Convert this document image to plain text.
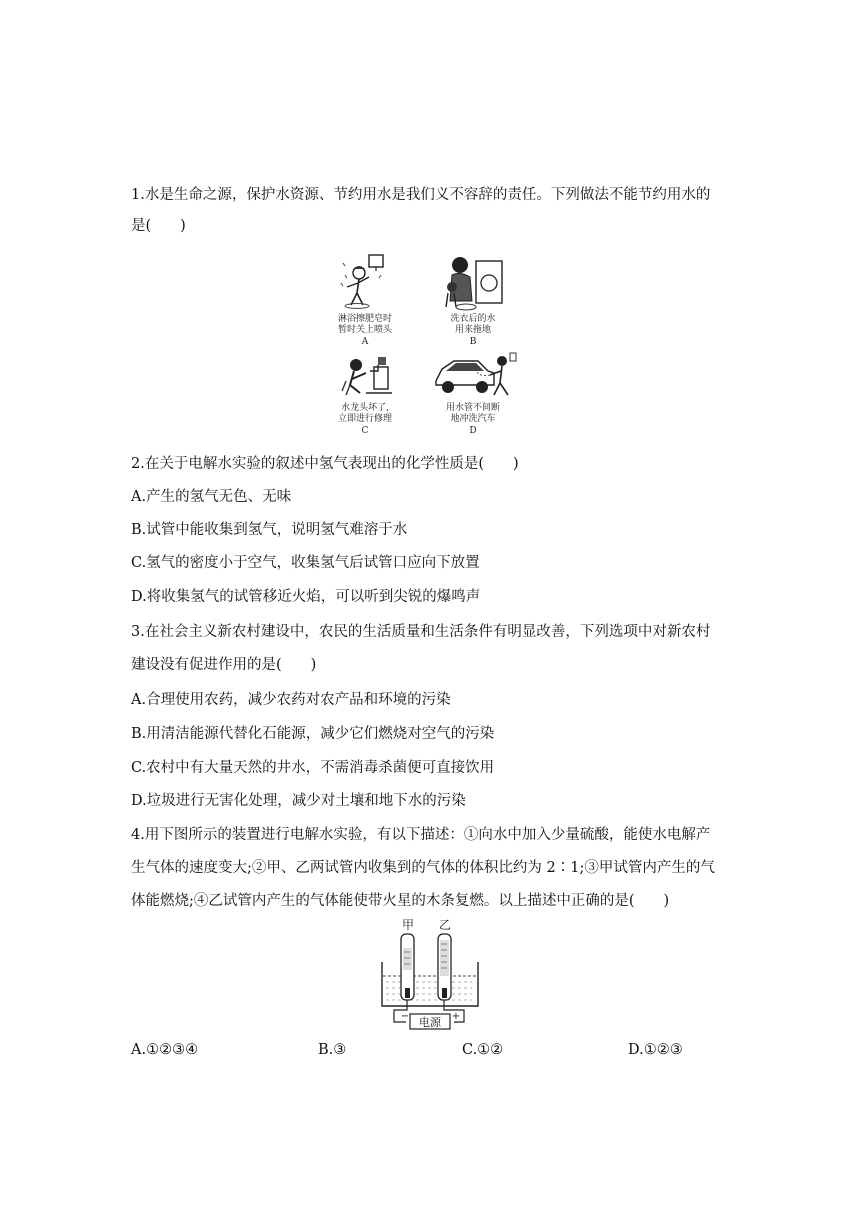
1.水是生命之源，保护水资源、节约用水是我们义不容辞的责任。下列做法不能节约用水的
是(　　)
淋浴擦肥皂时
暂时关上喷头
A
洗衣后的水
用来拖地
B
水龙头坏了,
立即进行修理
C
用水管不间断
地冲洗汽车
D
2.在关于电解水实验的叙述中氢气表现出的化学性质是(　　)
A.产生的氢气无色、无味
B.试管中能收集到氢气，说明氢气难溶于水
C.氢气的密度小于空气，收集氢气后试管口应向下放置
D.将收集氢气的试管移近火焰，可以听到尖锐的爆鸣声
3.在社会主义新农村建设中，农民的生活质量和生活条件有明显改善，下列选项中对新农村
建设没有促进作用的是(　　)
A.合理使用农药，减少农药对农产品和环境的污染
B.用清洁能源代替化石能源，减少它们燃烧对空气的污染
C.农村中有大量天然的井水，不需消毒杀菌便可直接饮用
D.垃圾进行无害化处理，减少对土壤和地下水的污染
4.用下图所示的装置进行电解水实验，有以下描述：①向水中加入少量硫酸，能使水电解产
生气体的速度变大;②甲、乙两试管内收集到的气体的体积比约为 2∶1;③甲试管内产生的气
体能燃烧;④乙试管内产生的气体能使带火星的木条复燃。以上描述中正确的是(　　)
甲 乙
电源
−	+
A.①②③④	B.③	C.①②	D.①②③
